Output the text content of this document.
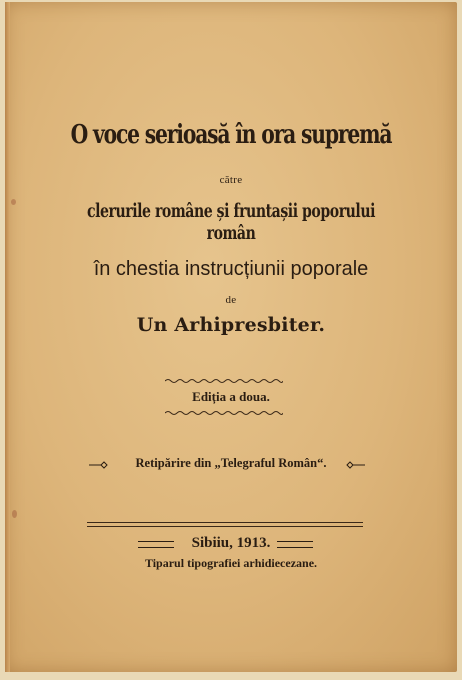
O voce serioasă în ora supremă
către
clerurile române și fruntașii poporului român
în chestia instrucțiunii poporale
de
Un Arhipresbiter.
Ediția a doua.
Retipărire din „Telegraful Român“.
Sibiiu, 1913.
Tiparul tipografiei arhidiecezane.
